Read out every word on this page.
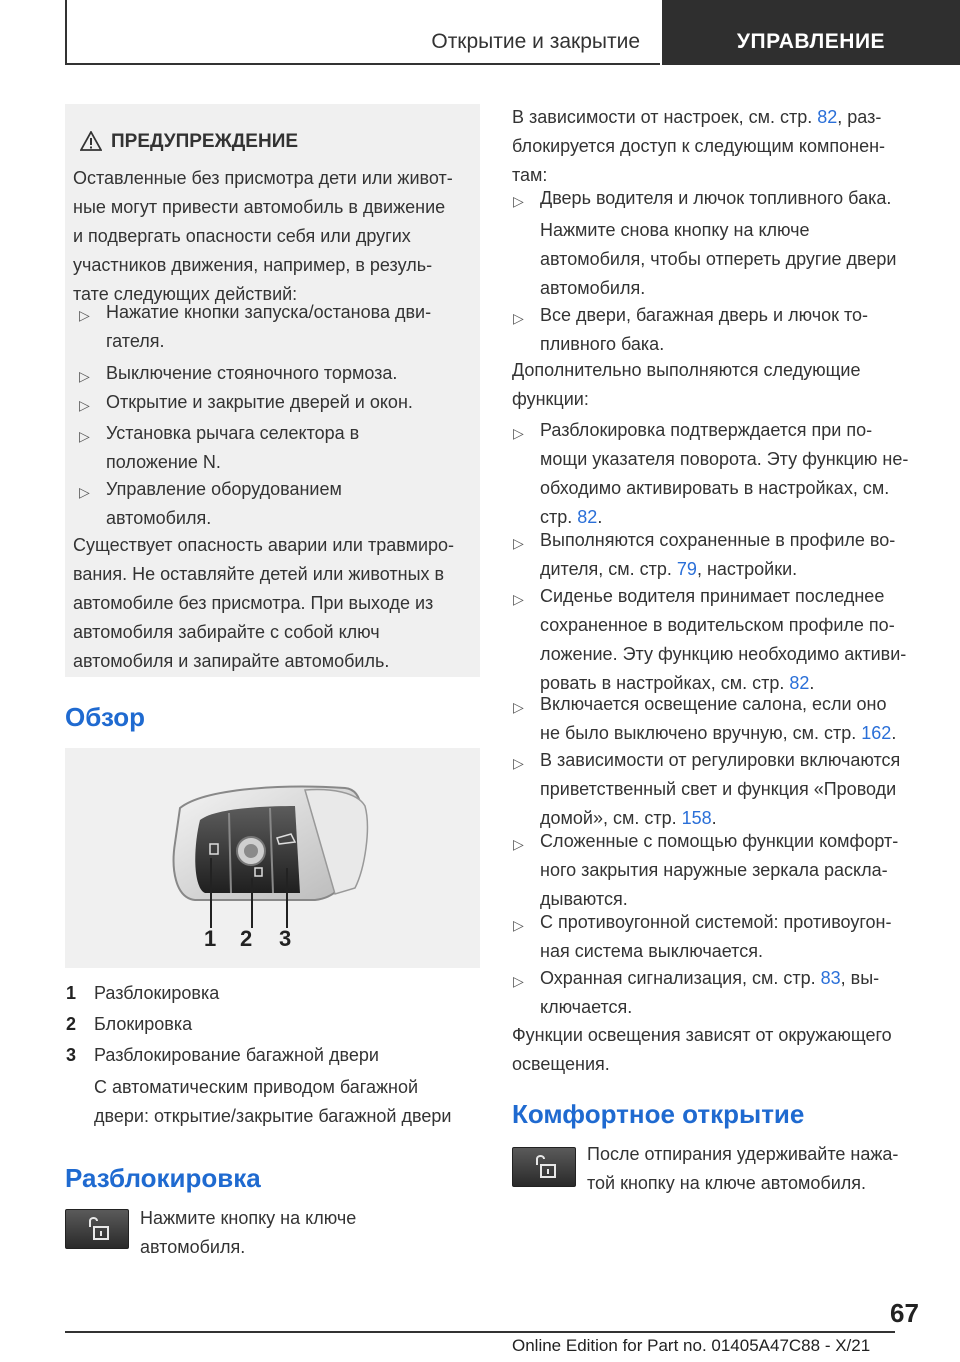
Открытие и закрытие	УПРАВЛЕНИЕ
ПРЕДУПРЕЖДЕНИЕ
Оставленные без присмотра дети или живот-
ные могут привести автомобиль в движение
и подвергать опасности себя или других
участников движения, например, в резуль-
тате следующих действий:
▷ Нажатие кнопки запуска/останова дви-
гателя.
▷ Выключение стояночного тормоза.
▷ Открытие и закрытие дверей и окон.
▷ Установка рычага селектора в
положение N.
▷ Управление оборудованием
автомобиля.
Существует опасность аварии или травмиро-
вания. Не оставляйте детей или животных в
автомобиле без присмотра. При выходе из
автомобиля забирайте с собой ключ
автомобиля и запирайте автомобиль.
Обзор
1 2 3
1 Разблокировка
2 Блокировка
3 Разблокирование багажной двери
С автоматическим приводом багажной
двери: открытие/закрытие багажной двери
Разблокировка
Нажмите кнопку на ключе
автомобиля.
В зависимости от настроек, см. стр. 82, раз-
блокируется доступ к следующим компонен-
там:
▷ Дверь водителя и лючок топливного бака.
Нажмите снова кнопку на ключе
автомобиля, чтобы отпереть другие двери
автомобиля.
▷ Все двери, багажная дверь и лючок то-
пливного бака.
Дополнительно выполняются следующие
функции:
▷ Разблокировка подтверждается при по-
мощи указателя поворота. Эту функцию не-
обходимо активировать в настройках, см.
стр. 82.
▷ Выполняются сохраненные в профиле во-
дителя, см. стр. 79, настройки.
▷ Сиденье водителя принимает последнее
сохраненное в водительском профиле по-
ложение. Эту функцию необходимо активи-
ровать в настройках, см. стр. 82.
▷ Включается освещение салона, если оно
не было выключено вручную, см. стр. 162.
▷ В зависимости от регулировки включаются
приветственный свет и функция «Проводи
домой», см. стр. 158.
▷ Сложенные с помощью функции комфорт-
ного закрытия наружные зеркала раскла-
дываются.
▷ С противоугонной системой: противоугон-
ная система выключается.
▷ Охранная сигнализация, см. стр. 83, вы-
ключается.
Функции освещения зависят от окружающего
освещения.
Комфортное открытие
После отпирания удерживайте нажа-
той кнопку на ключе автомобиля.
67
Online Edition for Part no. 01405A47C88 - X/21
